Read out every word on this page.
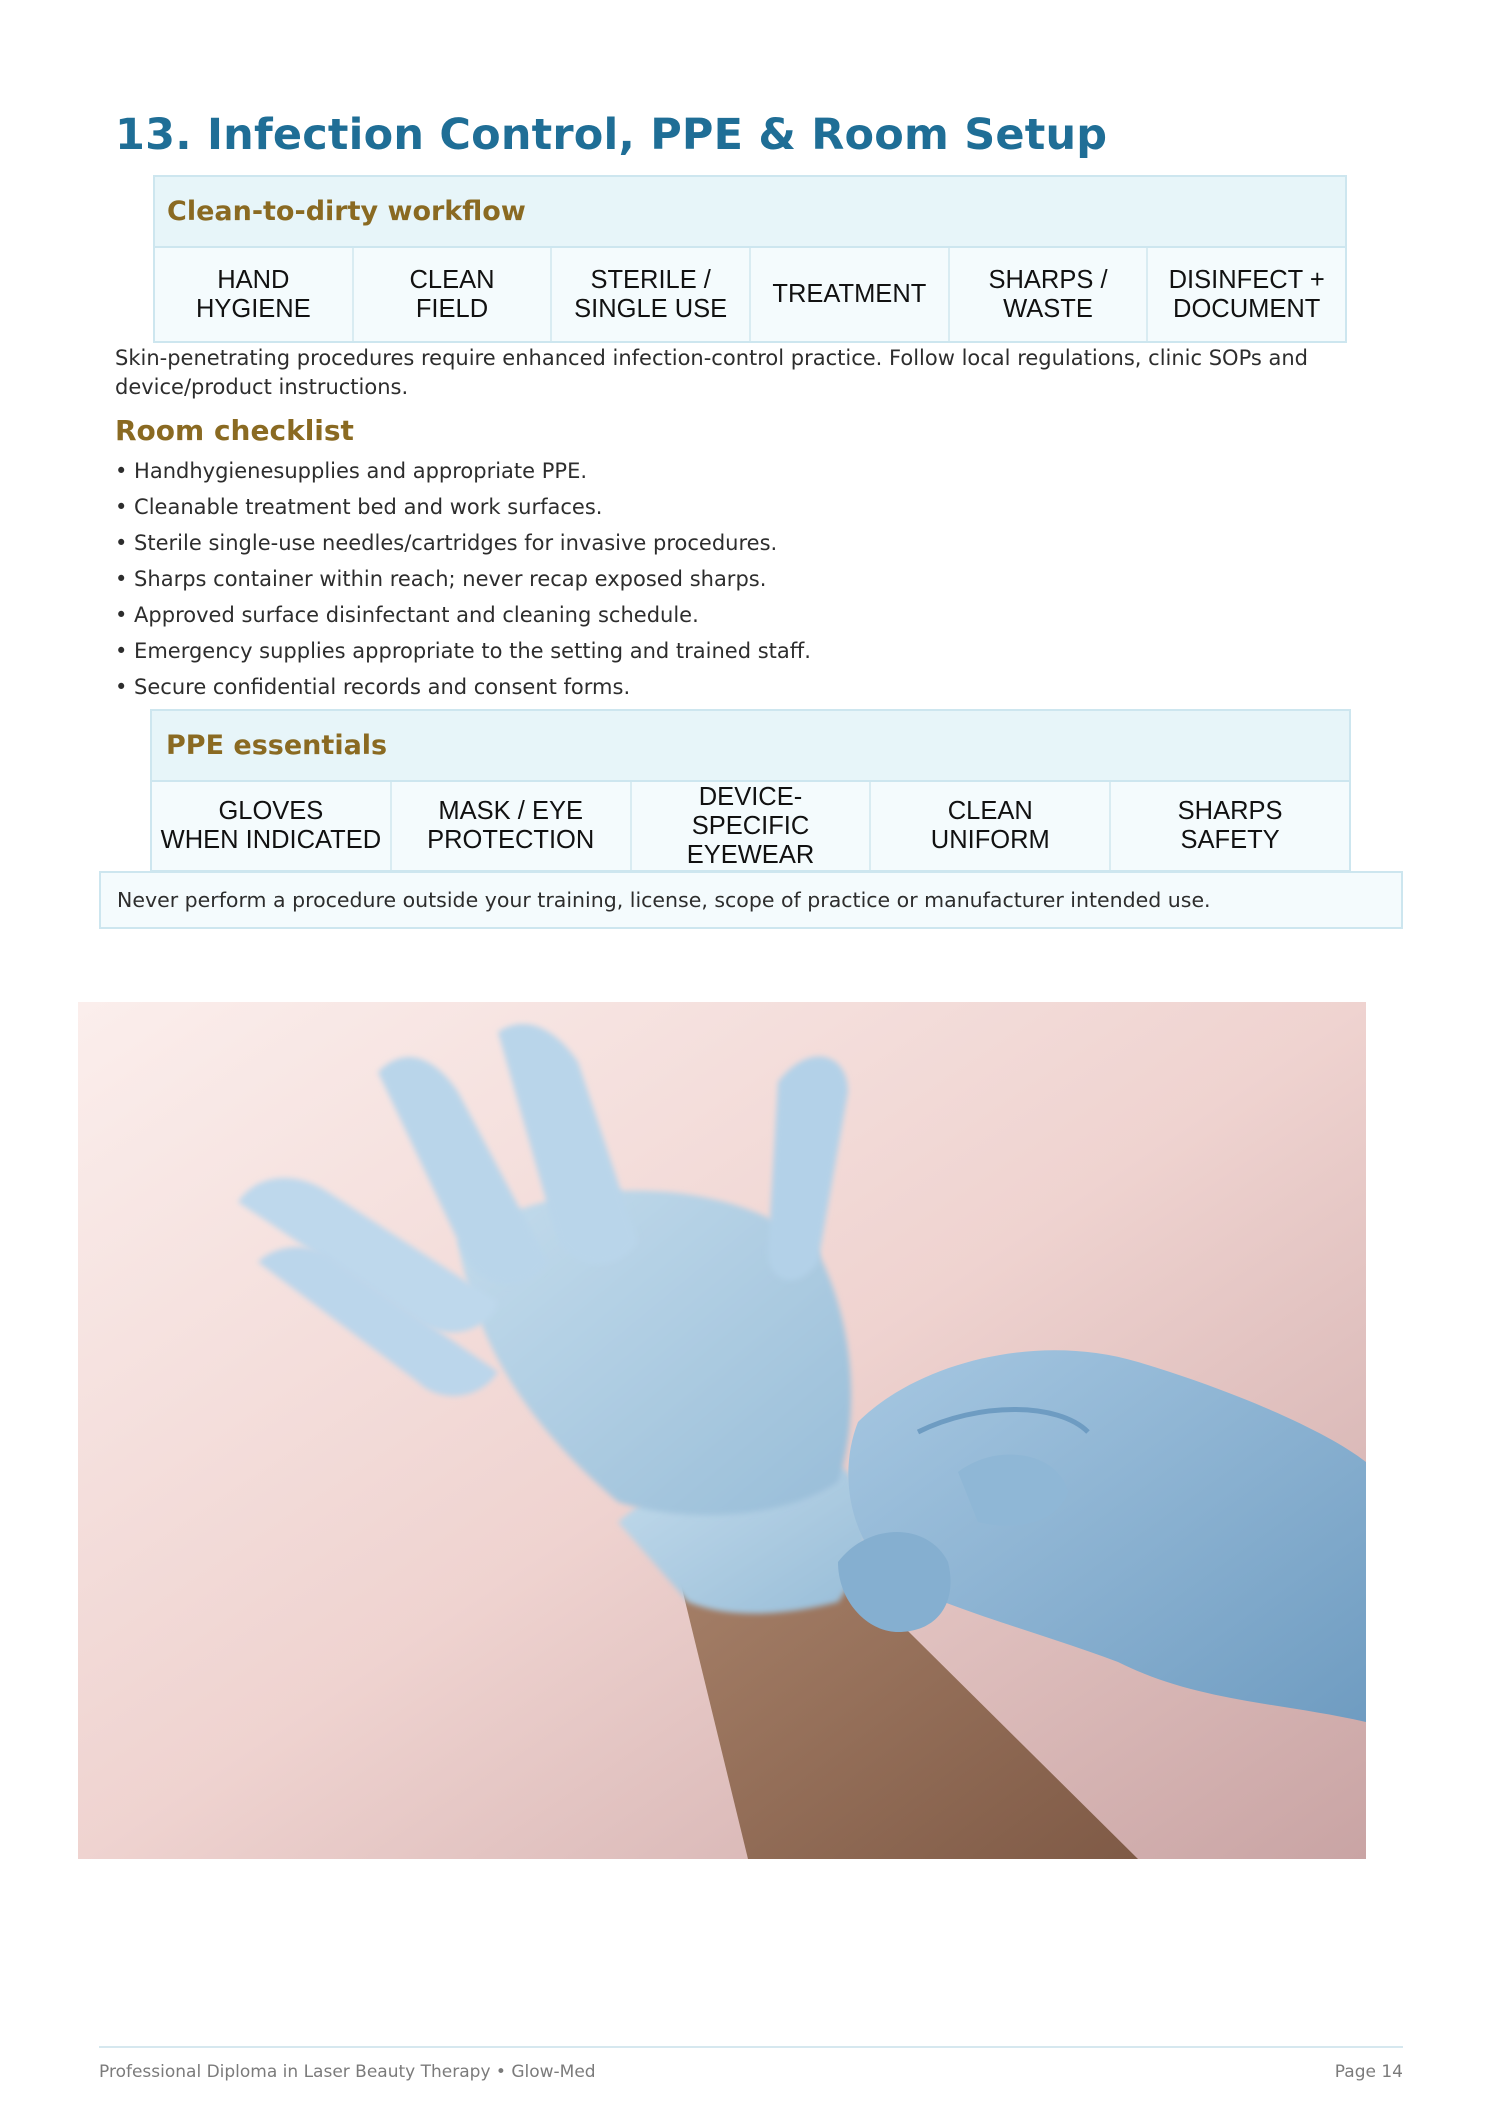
13. Infection Control, PPE & Room Setup
Clean-to-dirty workflow
HAND
HYGIENE
CLEAN
FIELD
STERILE /
SINGLE USE
TREATMENT
SHARPS /
WASTE
DISINFECT +
DOCUMENT

Skin-penetrating procedures require enhanced infection-control practice. Follow local regulations, clinic SOPs and device/product instructions.

Room checklist
• Handhygienesupplies and appropriate PPE.
• Cleanable treatment bed and work surfaces.
• Sterile single-use needles/cartridges for invasive procedures.
• Sharps container within reach; never recap exposed sharps.
• Approved surface disinfectant and cleaning schedule.
• Emergency supplies appropriate to the setting and trained staff.
• Secure confidential records and consent forms.
PPE essentials
GLOVES
WHEN INDICATED
MASK / EYE
PROTECTION
DEVICE-
SPECIFIC EYEWEAR
CLEAN
UNIFORM
SHARPS
SAFETY
Never perform a procedure outside your training, license, scope of practice or manufacturer intended use.
Professional Diploma in Laser Beauty Therapy • Glow-Med	Page 14
